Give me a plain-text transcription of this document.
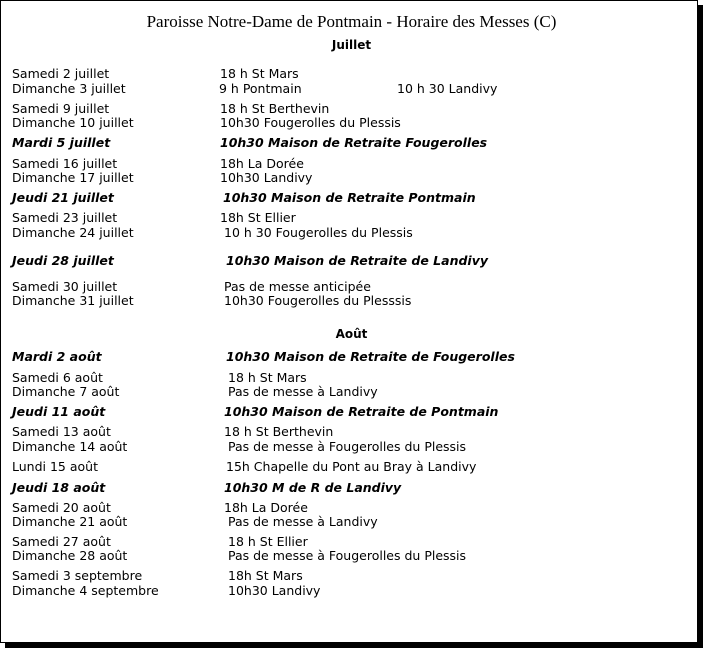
Paroisse Notre-Dame de Pontmain - Horaire des Messes (C)
Juillet
Août
Samedi 2 juillet	18 h St Mars
Dimanche 3 juillet	9 h Pontmain	10 h 30 Landivy
Samedi 9 juillet	18 h St Berthevin
Dimanche 10 juillet	10h30 Fougerolles du Plessis
Mardi 5 juillet	10h30 Maison de Retraite Fougerolles
Samedi 16 juillet	18h La Dorée
Dimanche 17 juillet	10h30 Landivy
Jeudi 21 juillet	10h30 Maison de Retraite Pontmain
Samedi 23 juillet	18h St Ellier
Dimanche 24 juillet	10 h 30 Fougerolles du Plessis
Jeudi 28 juillet	10h30 Maison de Retraite de Landivy
Samedi 30 juillet	Pas de messe anticipée
Dimanche 31 juillet	10h30 Fougerolles du Plesssis
Mardi 2 août	10h30 Maison de Retraite de Fougerolles
Samedi 6 août	18 h St Mars
Dimanche 7 août	Pas de messe à Landivy
Jeudi 11 août	10h30 Maison de Retraite de Pontmain
Samedi 13 août	18 h St Berthevin
Dimanche 14 août	Pas de messe à Fougerolles du Plessis
Lundi 15 août	15h Chapelle du Pont au Bray à Landivy
Jeudi 18 août	10h30 M de R de Landivy
Samedi 20 août	18h La Dorée
Dimanche 21 août	Pas de messe à Landivy
Samedi 27 août	18 h St Ellier
Dimanche 28 août	Pas de messe à Fougerolles du Plessis
Samedi 3 septembre	18h St Mars
Dimanche 4 septembre	10h30 Landivy
